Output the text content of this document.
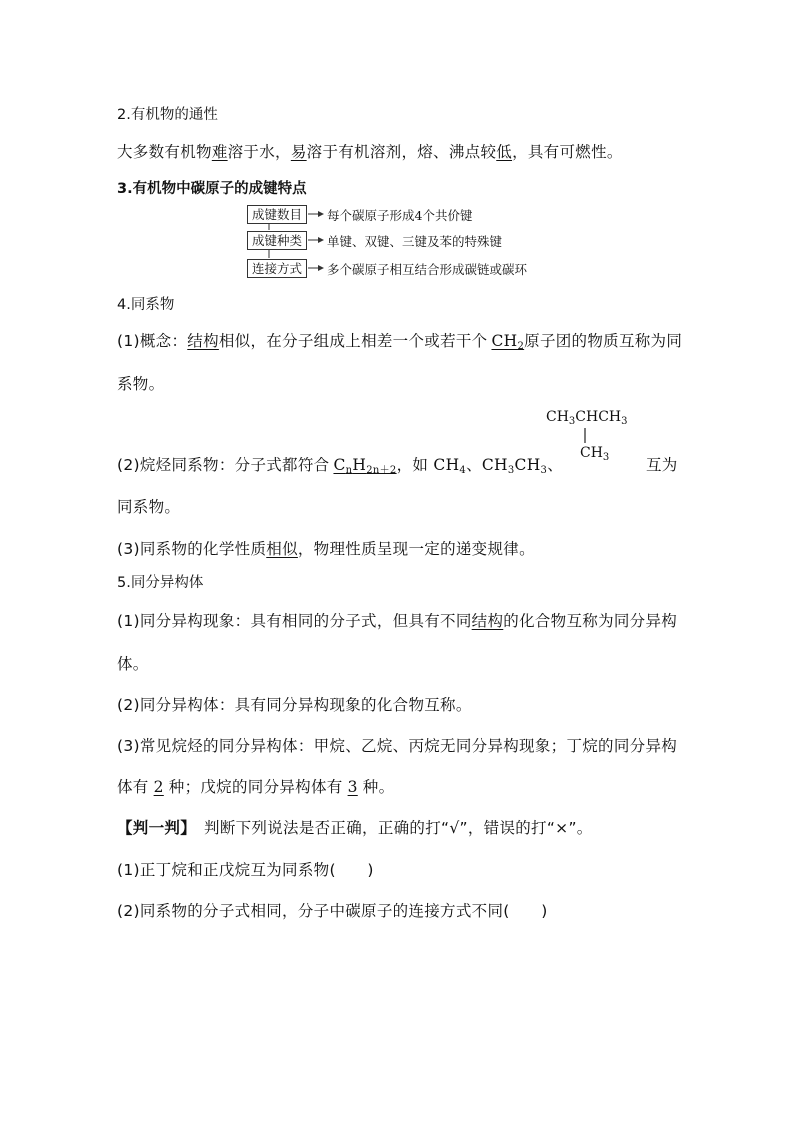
2.有机物的通性
大多数有机物难溶于水，易溶于有机溶剂，熔、沸点较低，具有可燃性。
3.有机物中碳原子的成键特点
成键数目	每个碳原子形成4个共价键
成键种类	单键、双键、三键及苯的特殊键
连接方式	多个碳原子相互结合形成碳链或碳环
4.同系物
(1)概念：结构相似，在分子组成上相差一个或若干个 $CH_2$原子团的物质互称为同
系物。
$CH_3CHCH_3$
$CH_3$
(2)烷烃同系物：分子式都符合 $C_nH_{2n+2}$，如 $CH_4$、$CH_3CH_3$、	互为
同系物。
(3)同系物的化学性质相似，物理性质呈现一定的递变规律。
5.同分异构体
(1)同分异构现象：具有相同的分子式，但具有不同结构的化合物互称为同分异构
体。
(2)同分异构体：具有同分异构现象的化合物互称。
(3)常见烷烃的同分异构体：甲烷、乙烷、丙烷无同分异构现象；丁烷的同分异构
体有 2 种；戊烷的同分异构体有 3 种。
【判一判】 判断下列说法是否正确，正确的打“√”，错误的打“×”。
(1)正丁烷和正戊烷互为同系物(　　)
(2)同系物的分子式相同，分子中碳原子的连接方式不同(　　)
